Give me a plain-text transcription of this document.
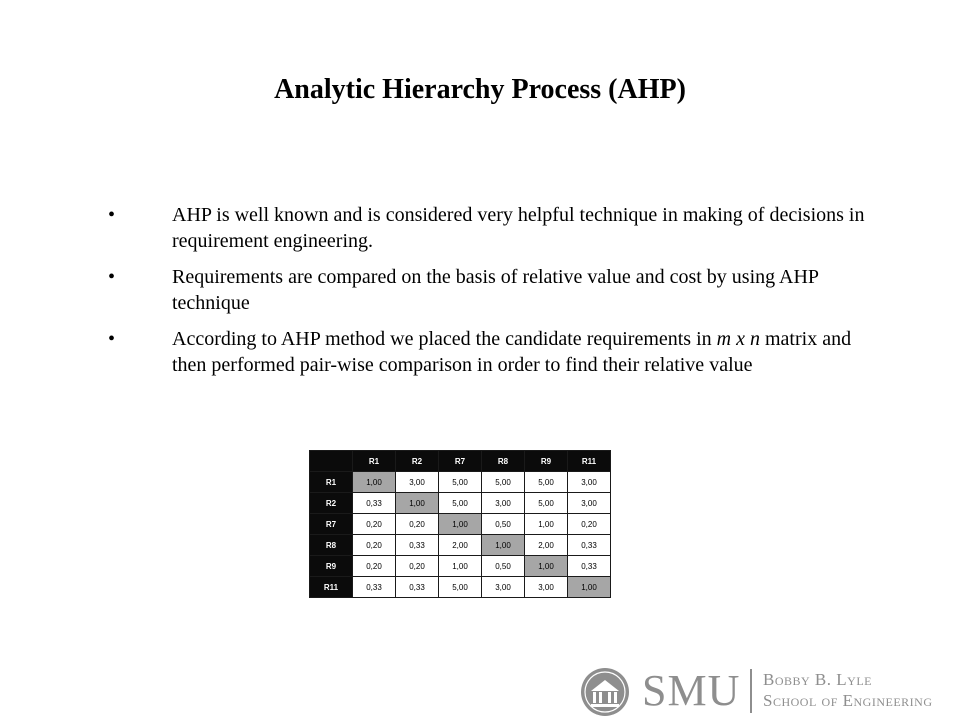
Analytic Hierarchy Process (AHP)
•	AHP is well known and is considered very helpful technique in making of decisions in requirement engineering.
•	Requirements are compared on the basis of relative value and cost by using AHP technique
•	According to AHP method we placed the candidate requirements in m x n matrix and then performed pair-wise comparison in order to find their relative value
	R1	R2	R7	R8	R9	R11
R1	1,00	3,00	5,00	5,00	5,00	3,00
R2	0,33	1,00	5,00	3,00	5,00	3,00
R7	0,20	0,20	1,00	0,50	1,00	0,20
R8	0,20	0,33	2,00	1,00	2,00	0,33
R9	0,20	0,20	1,00	0,50	1,00	0,33
R11	0,33	0,33	5,00	3,00	3,00	1,00
SMU Bobby B. Lyle
School of Engineering
